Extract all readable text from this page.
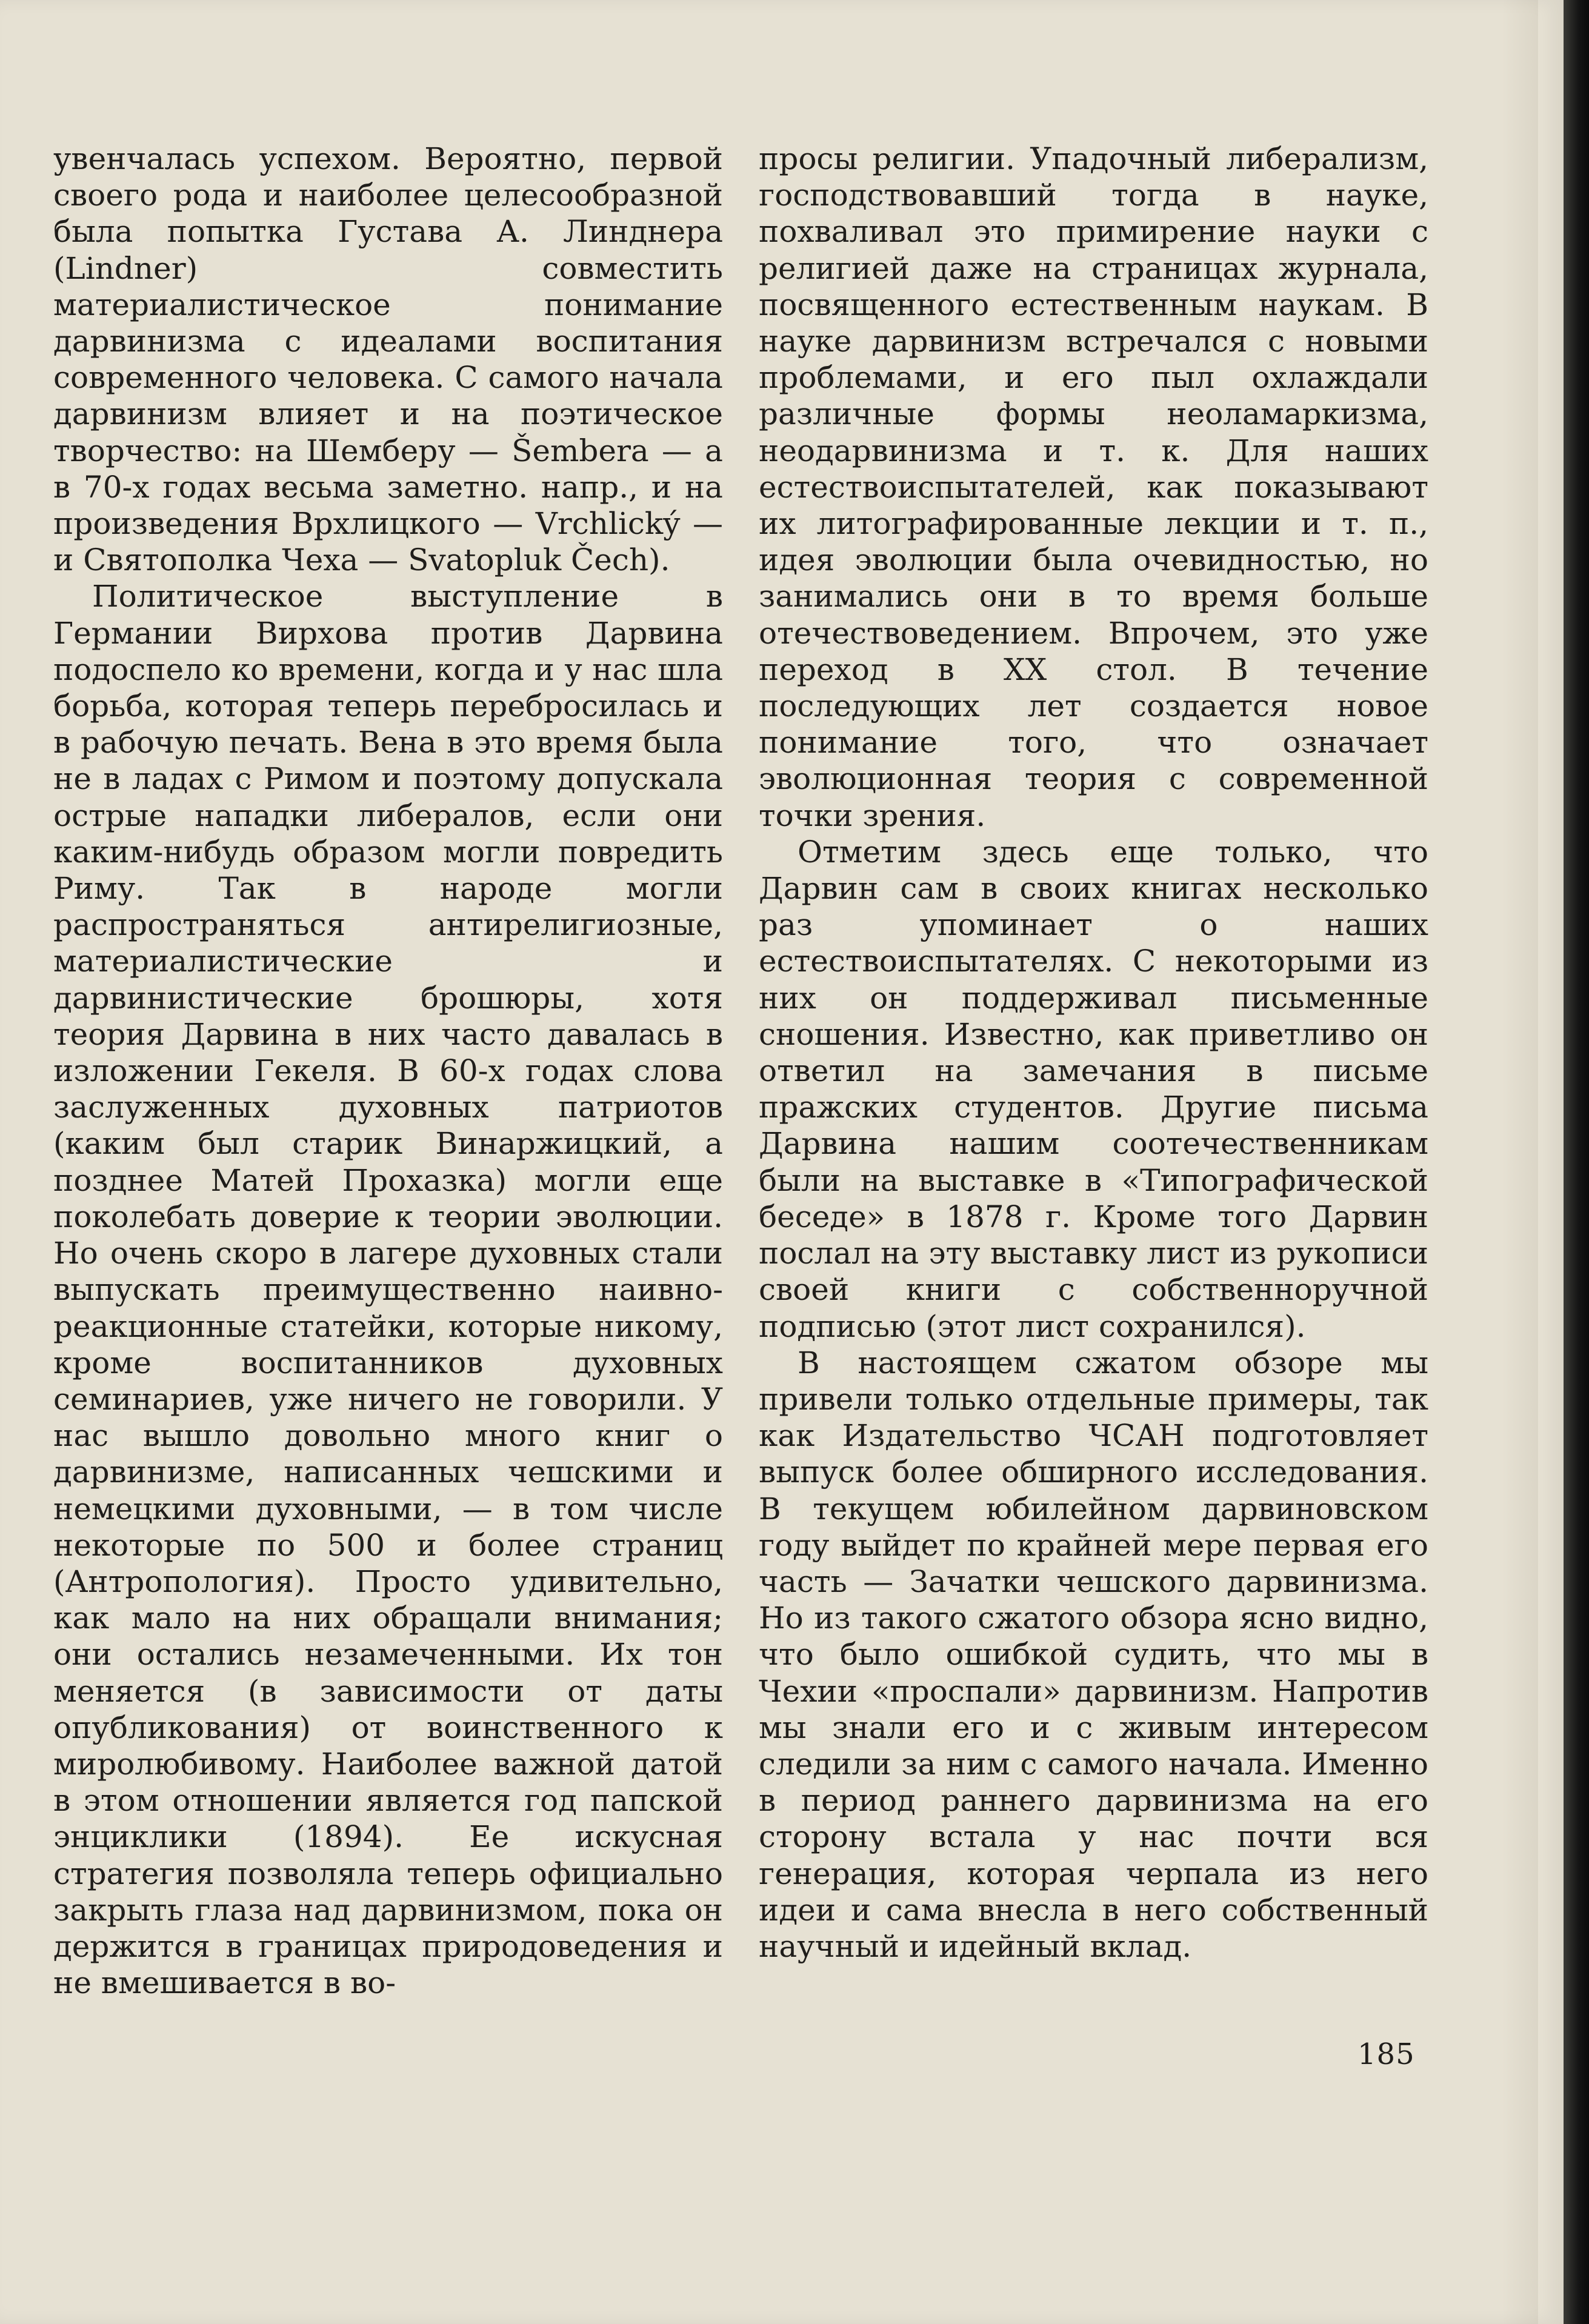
увенчалась успехом. Вероятно, первой своего рода и наиболее целесообразной была попытка Густава А. Линднера (Lindner) совместить материалистическое понимание дарвинизма с идеалами воспитания современного человека. С самого начала дарвинизм влияет и на поэтическое творчество: на Шемберу — Šembera — а в 70-х годах весьма заметно. напр., и на произведения Врхлицкого — Vrchlický — и Святополка Чеха — Svatopluk Čech).

Политическое выступление в Германии Вирхова против Дарвина подоспело ко времени, когда и у нас шла борьба, которая теперь перебросилась и в рабочую печать. Вена в это время была не в ладах с Римом и поэтому допускала острые нападки либералов, если они каким-нибудь образом могли повредить Риму. Так в народе могли распространяться антирелигиозные, материалистические и дарвинистические брошюры, хотя теория Дарвина в них часто давалась в изложении Гекеля. В 60-х годах слова заслуженных духовных патриотов (каким был старик Винаржицкий, а позднее Матей Прохазка) могли еще поколебать доверие к теории эволюции. Но очень скоро в лагере духовных стали выпускать преимущественно наивно-реакционные статейки, которые никому, кроме воспитанников духовных семинариев, уже ничего не говорили. У нас вышло довольно много книг о дарвинизме, написанных чешскими и немецкими духовными, — в том числе некоторые по 500 и более страниц (Антропология). Просто удивительно, как мало на них обращали внимания; они остались незамеченными. Их тон меняется (в зависимости от даты опубликования) от воинственного к миролюбивому. Наиболее важной датой в этом отношении является год папской энциклики (1894). Ее искусная стратегия позволяла теперь официально закрыть глаза над дарвинизмом, пока он держится в границах природоведения и не вмешивается в во-

просы религии. Упадочный либерализм, господствовавший тогда в науке, похваливал это примирение науки с религией даже на страницах журнала, посвященного естественным наукам. В науке дарвинизм встречался с новыми проблемами, и его пыл охлаждали различные формы неоламаркизма, неодарвинизма и т. к. Для наших естествоиспытателей, как показывают их литографированные лекции и т. п., идея эволюции была очевидностью, но занимались они в то время больше отечествоведением. Впрочем, это уже переход в XX стол. В течение последующих лет создается новое понимание того, что означает эволюционная теория с современной точки зрения.

Отметим здесь еще только, что Дарвин сам в своих книгах несколько раз упоминает о наших естествоиспытателях. С некоторыми из них он поддерживал письменные сношения. Известно, как приветливо он ответил на замечания в письме пражских студентов. Другие письма Дарвина нашим соотечественникам были на выставке в «Типографической беседе» в 1878 г. Кроме того Дарвин послал на эту выставку лист из рукописи своей книги с собственноручной подписью (этот лист сохранился).

В настоящем сжатом обзоре мы привели только отдельные примеры, так как Издательство ЧСАН подготовляет выпуск более обширного исследования. В текущем юбилейном дарвиновском году выйдет по крайней мере первая его часть — Зачатки чешского дарвинизма. Но из такого сжатого обзора ясно видно, что было ошибкой судить, что мы в Чехии «проспали» дарвинизм. Напротив мы знали его и с живым интересом следили за ним с самого начала. Именно в период раннего дарвинизма на его сторону встала у нас почти вся генерация, которая черпала из него идеи и сама внесла в него собственный научный и идейный вклад.

185
